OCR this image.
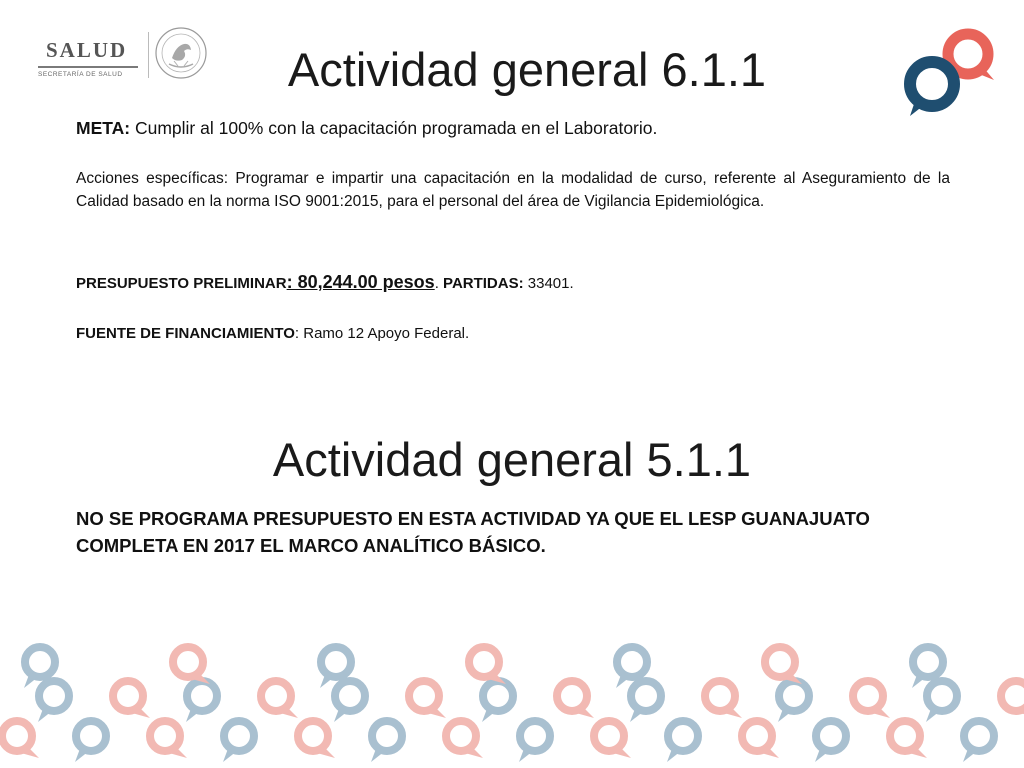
SALUD
SECRETARÍA DE SALUD	Actividad general 6.1.1
META: Cumplir al 100% con la capacitación programada en el Laboratorio.
Acciones específicas: Programar e impartir una capacitación en la modalidad de curso, referente al Aseguramiento de la Calidad basado en la norma ISO 9001:2015, para el personal del área de Vigilancia Epidemiológica.
PRESUPUESTO PRELIMINAR: 80,244.00 pesos. PARTIDAS: 33401.
FUENTE DE FINANCIAMIENTO: Ramo 12 Apoyo Federal.
Actividad general 5.1.1
NO SE PROGRAMA PRESUPUESTO EN ESTA ACTIVIDAD YA QUE EL LESP GUANAJUATO COMPLETA EN 2017 EL MARCO ANALÍTICO BÁSICO.
